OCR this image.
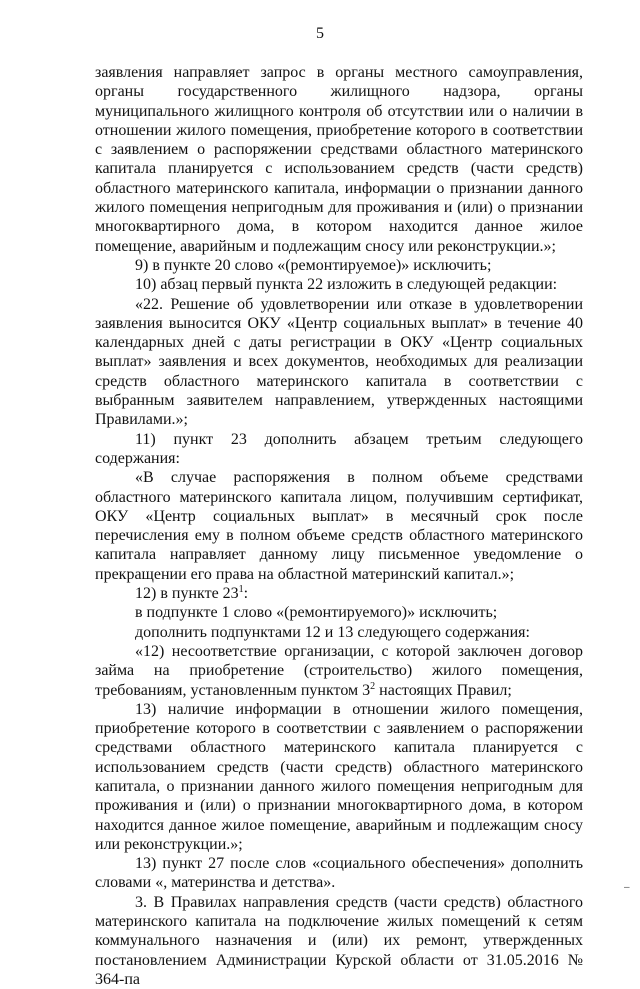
5

заявления направляет запрос в органы местного самоуправления, органы государственного жилищного надзора, органы муниципального жилищного контроля об отсутствии или о наличии в отношении жилого помещения, приобретение которого в соответствии с заявлением о распоряжении средствами областного материнского капитала планируется с использованием средств (части средств) областного материнского капитала, информации о признании данного жилого помещения непригодным для проживания и (или) о признании многоквартирного дома, в котором находится данное жилое помещение, аварийным и подлежащим сносу или реконструкции.»;

9) в пункте 20 слово «(ремонтируемое)» исключить;

10) абзац первый пункта 22 изложить в следующей редакции:

«22. Решение об удовлетворении или отказе в удовлетворении заявления выносится ОКУ «Центр социальных выплат» в течение 40 календарных дней с даты регистрации в ОКУ «Центр социальных выплат» заявления и всех документов, необходимых для реализации средств областного материнского капитала в соответствии с выбранным заявителем направлением, утвержденных настоящими Правилами.»;

11) пункт 23 дополнить абзацем третьим следующего содержания:

«В случае распоряжения в полном объеме средствами областного материнского капитала лицом, получившим сертификат, ОКУ «Центр социальных выплат» в месячный срок после перечисления ему в полном объеме средств областного материнского капитала направляет данному лицу письменное уведомление о прекращении его права на областной материнский капитал.»;

12) в пункте $23^1$:

в подпункте 1 слово «(ремонтируемого)» исключить;

дополнить подпунктами 12 и 13 следующего содержания:

«12) несоответствие организации, с которой заключен договор займа на приобретение (строительство) жилого помещения, требованиям, установленным пунктом $3^2$ настоящих Правил;

13) наличие информации в отношении жилого помещения, приобретение которого в соответствии с заявлением о распоряжении средствами областного материнского капитала планируется с использованием средств (части средств) областного материнского капитала, о признании данного жилого помещения непригодным для проживания и (или) о признании многоквартирного дома, в котором находится данное жилое помещение, аварийным и подлежащим сносу или реконструкции.»;

13) пункт 27 после слов «социального обеспечения» дополнить словами «, материнства и детства».

3. В Правилах направления средств (части средств) областного материнского капитала на подключение жилых помещений к сетям коммунального назначения и (или) их ремонт, утвержденных постановлением Администрации Курской области от 31.05.2016 № 364-па

–
